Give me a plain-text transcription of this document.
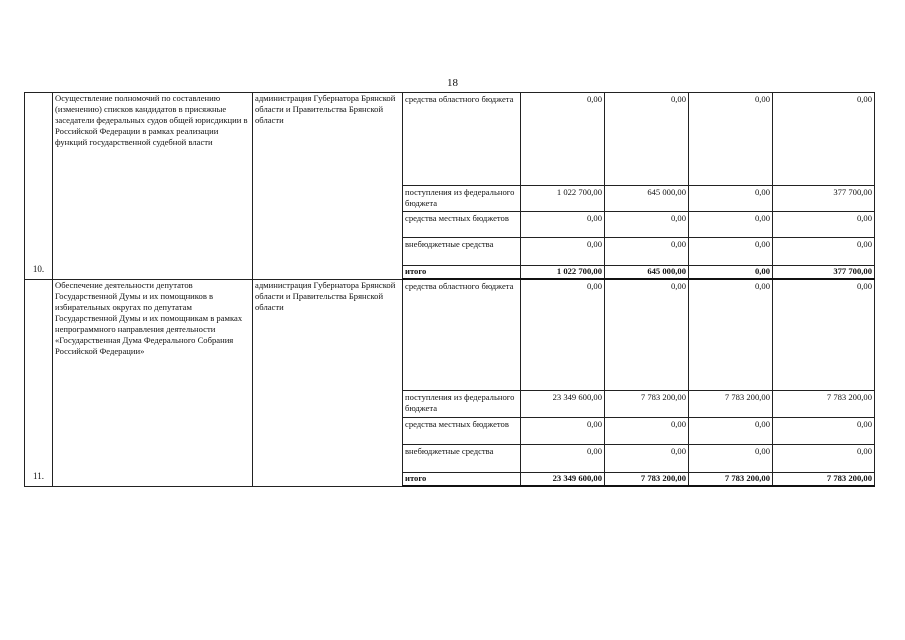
18
10.	Осуществление полномочий по составлению (изменению) списков кандидатов в присяжные заседатели федеральных судов общей юрисдикции в Российской Федерации в рамках реализации функций государственной судебной власти	администрация Губернатора Брянской области и Правительства Брянской области	средства областного бюджета	0,00	0,00	0,00	0,00
			поступления из федерального бюджета	1 022 700,00	645 000,00	0,00	377 700,00
			средства местных бюджетов	0,00	0,00	0,00	0,00
			внебюджетные средства	0,00	0,00	0,00	0,00
			итого	1 022 700,00	645 000,00	0,00	377 700,00
11.	Обеспечение деятельности депутатов Государственной Думы и их помощников в избирательных округах по депутатам Государственной Думы и их помощникам в рамках непрограммного направления деятельности «Государственная Дума Федерального Собрания Российской Федерации»	администрация Губернатора Брянской области и Правительства Брянской области	средства областного бюджета	0,00	0,00	0,00	0,00
			поступления из федерального бюджета	23 349 600,00	7 783 200,00	7 783 200,00	7 783 200,00
			средства местных бюджетов	0,00	0,00	0,00	0,00
			внебюджетные средства	0,00	0,00	0,00	0,00
			итого	23 349 600,00	7 783 200,00	7 783 200,00	7 783 200,00
